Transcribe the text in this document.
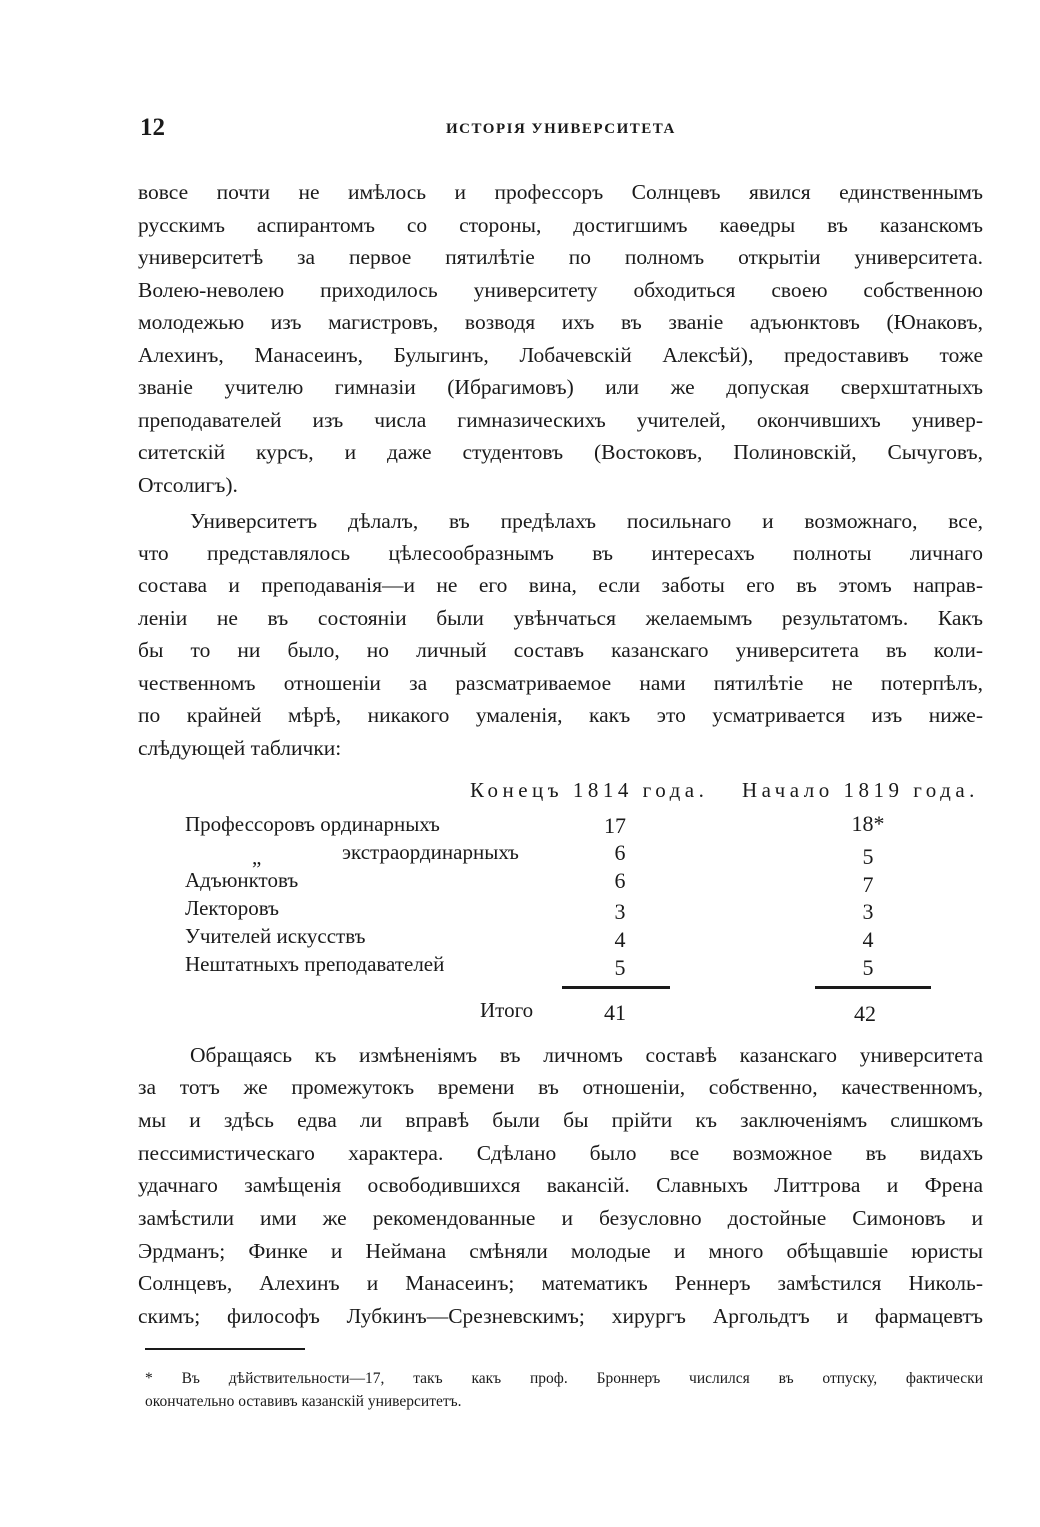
12	ИСТОРІЯ УНИВЕРСИТЕТА
вовсе почти не имѣлось и профессоръ Солнцевъ явился единственнымъ
русскимъ аспирантомъ со стороны, достигшимъ каѳедры въ казанскомъ
университетѣ за первое пятилѣтіе по полномъ открытіи университета.
Волею-неволею приходилось университету обходиться своею собственною
молодежью изъ магистровъ, возводя ихъ въ званіе адъюнктовъ (Юнаковъ,
Алехинъ, Манасеинъ, Булыгинъ, Лобачевскій Алексѣй), предоставивъ тоже
званіе учителю гимназіи (Ибрагимовъ) или же допуская сверхштатныхъ
преподавателей изъ числа гимназическихъ учителей, окончившихъ универ-
ситетскій курсъ, и даже студентовъ (Востоковъ, Полиновскій, Сычуговъ,
Отсолигъ).
Университетъ дѣлалъ, въ предѣлахъ посильнаго и возможнаго, все,
что представлялось цѣлесообразнымъ въ интересахъ полноты личнаго
состава и преподаванія—и не его вина, если заботы его въ этомъ направ-
леніи не въ состояніи были увѣнчаться желаемымъ результатомъ. Какъ
бы то ни было, но личный составъ казанскаго университета въ коли-
чественномъ отношеніи за разсматриваемое нами пятилѣтіе не потерпѣлъ,
по крайней мѣрѣ, никакого умаленія, какъ это усматривается изъ ниже-
слѣдующей таблички:
Конецъ 1814 года. Начало 1819 года.
Профессоровъ ординарныхъ	17	18*
„	экстраординарныхъ	6	5
Адъюнктовъ	6	7
Лекторовъ	3	3
Учителей искусствъ	4	4
Нештатныхъ преподавателей	5	5
Итого	41	42
Обращаясь къ измѣненіямъ въ личномъ составѣ казанскаго университета
за тотъ же промежутокъ времени въ отношеніи, собственно, качественномъ,
мы и здѣсь едва ли вправѣ были бы прійти къ заключеніямъ слишкомъ
пессимистическаго характера. Сдѣлано было все возможное въ видахъ
удачнаго замѣщенія освободившихся вакансій. Славныхъ Литтрова и Френа
замѣстили ими же рекомендованные и безусловно достойные Симоновъ и
Эрдманъ; Финке и Неймана смѣняли молодые и много обѣщавшіе юристы
Солнцевъ, Алехинъ и Манасеинъ; математикъ Реннеръ замѣстился Николь-
скимъ; философъ Лубкинъ—Срезневскимъ; хирургъ Аргольдтъ и фармацевтъ
* Въ дѣйствительности—17, такъ какъ проф. Броннеръ числился въ отпуску, фактически
окончательно оставивъ казанскій университетъ.
